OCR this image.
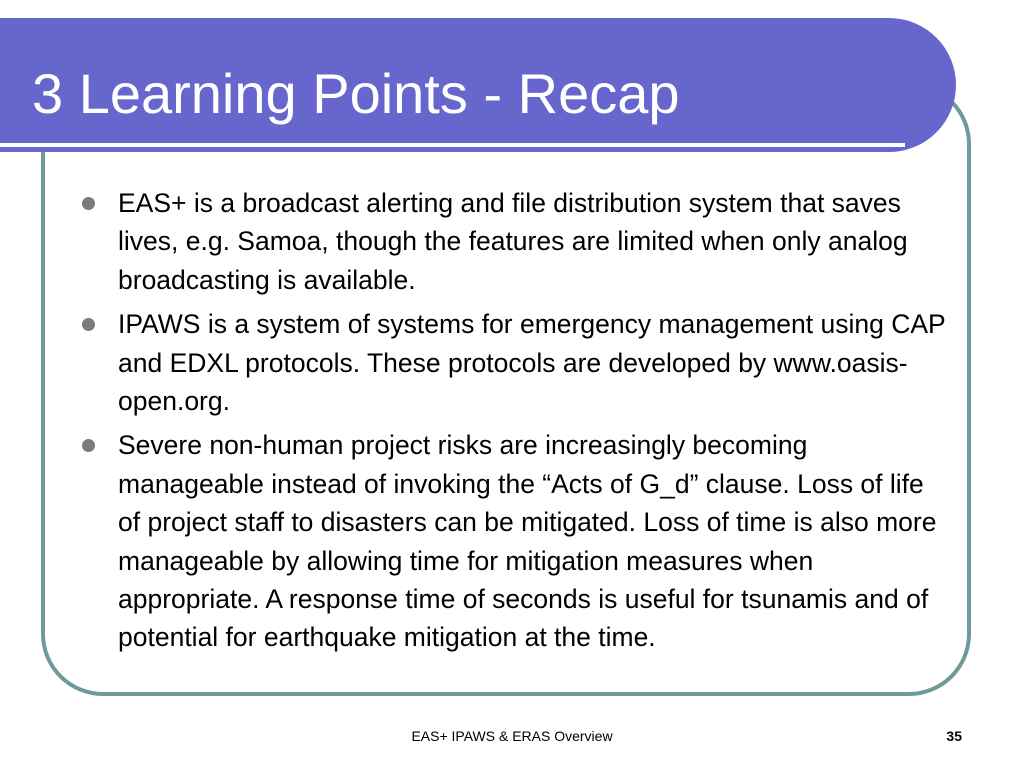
3 Learning Points - Recap
EAS+ is a broadcast alerting and file distribution system that saves lives, e.g. Samoa, though the features are limited when only analog broadcasting is available.
IPAWS is a system of systems for emergency management using CAP and EDXL protocols. These protocols are developed by www.oasis-open.org.
Severe non-human project risks are increasingly becoming manageable instead of invoking the “Acts of G_d” clause. Loss of life of project staff to disasters can be mitigated. Loss of time is also more manageable by allowing time for mitigation measures when appropriate. A response time of seconds is useful for tsunamis and of potential for earthquake mitigation at the time.
EAS+ IPAWS & ERAS Overview	35
